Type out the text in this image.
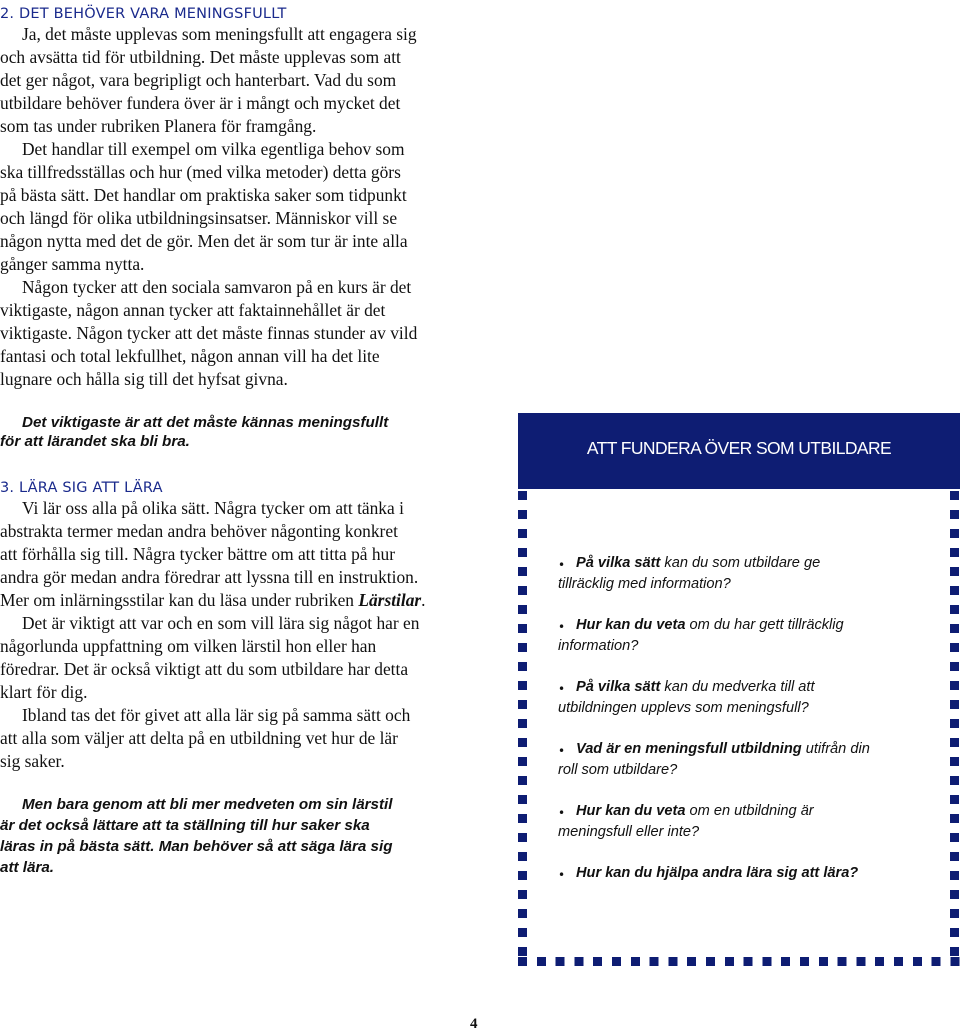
2. DET BEHÖVER VARA MENINGSFULLT
Ja, det måste upplevas som meningsfullt att engagera sig
och avsätta tid för utbildning. Det måste upplevas som att
det ger något, vara begripligt och hanterbart. Vad du som
utbildare behöver fundera över är i mångt och mycket det
som tas under rubriken Planera för framgång.
Det handlar till exempel om vilka egentliga behov som
ska tillfredsställas och hur (med vilka metoder) detta görs
på bästa sätt. Det handlar om praktiska saker som tidpunkt
och längd för olika utbildningsinsatser. Människor vill se
någon nytta med det de gör. Men det är som tur är inte alla
gånger samma nytta.
Någon tycker att den sociala samvaron på en kurs är det
viktigaste, någon annan tycker att faktainnehållet är det
viktigaste. Någon tycker att det måste finnas stunder av vild
fantasi och total lekfullhet, någon annan vill ha det lite
lugnare och hålla sig till det hyfsat givna.
Det viktigaste är att det måste kännas meningsfullt
för att lärandet ska bli bra.
3. LÄRA SIG ATT LÄRA
Vi lär oss alla på olika sätt. Några tycker om att tänka i
abstrakta termer medan andra behöver någonting konkret
att förhålla sig till. Några tycker bättre om att titta på hur
andra gör medan andra föredrar att lyssna till en instruktion.
Mer om inlärningsstilar kan du läsa under rubriken Lärstilar.
Det är viktigt att var och en som vill lära sig något har en
någorlunda uppfattning om vilken lärstil hon eller han
föredrar. Det är också viktigt att du som utbildare har detta
klart för dig.
Ibland tas det för givet att alla lär sig på samma sätt och
att alla som väljer att delta på en utbildning vet hur de lär
sig saker.
Men bara genom att bli mer medveten om sin lärstil
är det också lättare att ta ställning till hur saker ska
läras in på bästa sätt. Man behöver så att säga lära sig
att lära.
ATT FUNDERA ÖVER SOM UTBILDARE
• På vilka sätt kan du som utbildare ge
tillräcklig med information?
• Hur kan du veta om du har gett tillräcklig
information?
• På vilka sätt kan du medverka till att
utbildningen upplevs som meningsfull?
• Vad är en meningsfull utbildning utifrån din
roll som utbildare?
• Hur kan du veta om en utbildning är
meningsfull eller inte?
• Hur kan du hjälpa andra lära sig att lära?
4
